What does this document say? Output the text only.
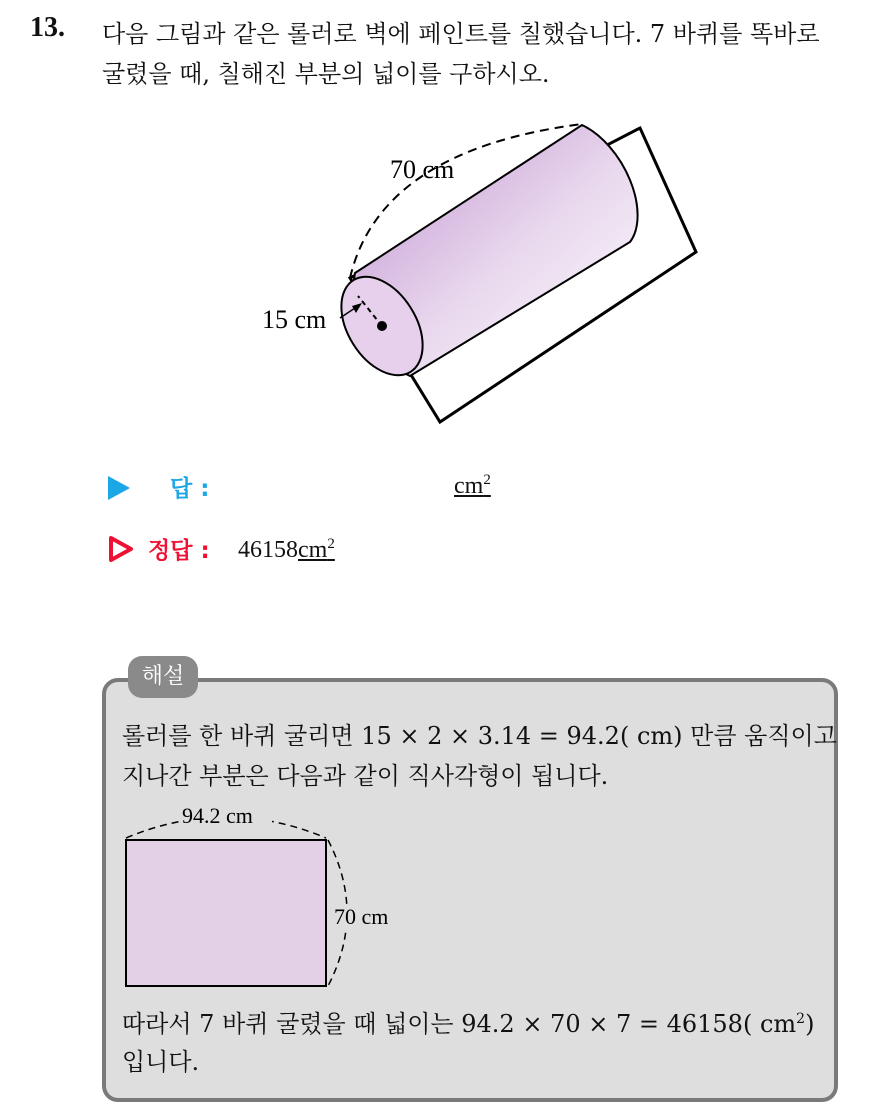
13. 다음 그림과 같은 롤러로 벽에 페인트를 칠했습니다. 7 바퀴를 똑바로
굴렸을 때, 칠해진 부분의 넓이를 구하시오.
70 cm
15 cm
답 :	$cm^2$
정답 : $46158cm^2$
해설
롤러를 한 바퀴 굴리면 15 × 2 × 3.14 = 94.2( cm) 만큼 움직이고
지나간 부분은 다음과 같이 직사각형이 됩니다.
94.2 cm
70 cm
따라서 7 바퀴 굴렸을 때 넓이는 94.2 × 70 × 7 = 46158( $cm^2$)
입니다.
